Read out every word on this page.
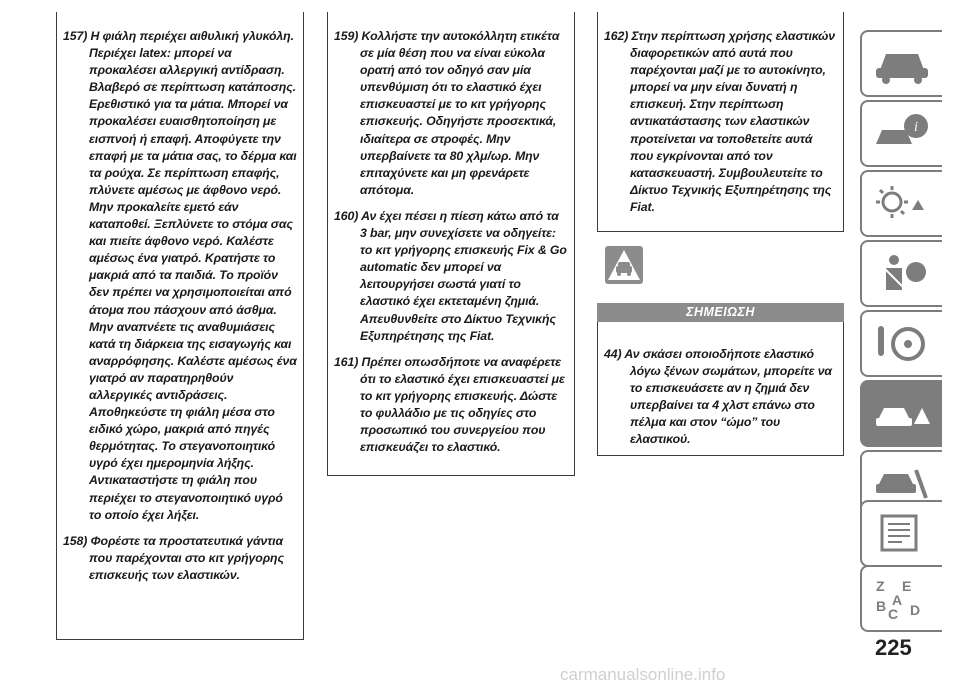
157) Η φιάλη περιέχει αιθυλική γλυκόλη. Περιέχει latex: μπορεί να προκαλέσει αλλεργική αντίδραση. Βλαβερό σε περίπτωση κατάποσης. Ερεθιστικό για τα μάτια. Μπορεί να προκαλέσει ευαισθητοποίηση με εισπνοή ή επαφή. Αποφύγετε την επαφή με τα μάτια σας, το δέρμα και τα ρούχα. Σε περίπτωση επαφής, πλύνετε αμέσως με άφθονο νερό. Μην προκαλείτε εμετό εάν καταποθεί. Ξεπλύνετε το στόμα σας και πιείτε άφθονο νερό. Καλέστε αμέσως ένα γιατρό. Κρατήστε το μακριά από τα παιδιά. Το προϊόν δεν πρέπει να χρησιμοποιείται από άτομα που πάσχουν από άσθμα. Μην αναπνέετε τις αναθυμιάσεις κατά τη διάρκεια της εισαγωγής και αναρρόφησης. Καλέστε αμέσως ένα γιατρό αν παρατηρηθούν αλλεργικές αντιδράσεις. Αποθηκεύστε τη φιάλη μέσα στο ειδικό χώρο, μακριά από πηγές θερμότητας. Το στεγανοποιητικό υγρό έχει ημερομηνία λήξης. Αντικαταστήστε τη φιάλη που περιέχει το στεγανοποιητικό υγρό το οποίο έχει λήξει.

158) Φορέστε τα προστατευτικά γάντια που παρέχονται στο κιτ γρήγορης επισκευής των ελαστικών.

159) Κολλήστε την αυτοκόλλητη ετικέτα σε μία θέση που να είναι εύκολα ορατή από τον οδηγό σαν μία υπενθύμιση ότι το ελαστικό έχει επισκευαστεί με το κιτ γρήγορης επισκευής. Οδηγήστε προσεκτικά, ιδιαίτερα σε στροφές. Μην υπερβαίνετε τα 80 χλμ/ωρ. Μην επιταχύνετε και μη φρενάρετε απότομα.

160) Αν έχει πέσει η πίεση κάτω από τα 3 bar, μην συνεχίσετε να οδηγείτε: το κιτ γρήγορης επισκευής Fix & Go automatic δεν μπορεί να λειτουργήσει σωστά γιατί το ελαστικό έχει εκτεταμένη ζημιά. Απευθυνθείτε στο Δίκτυο Τεχνικής Εξυπηρέτησης της Fiat.

161) Πρέπει οπωσδήποτε να αναφέρετε ότι το ελαστικό έχει επισκευαστεί με το κιτ γρήγορης επισκευής. Δώστε το φυλλάδιο με τις οδηγίες στο προσωπικό του συνεργείου που επισκευάζει το ελαστικό.

162) Στην περίπτωση χρήσης ελαστικών διαφορετικών από αυτά που παρέχονται μαζί με το αυτοκίνητο, μπορεί να μην είναι δυνατή η επισκευή. Στην περίπτωση αντικατάστασης των ελαστικών προτείνεται να τοποθετείτε αυτά που εγκρίνονται από τον κατασκευαστή. Συμβουλευτείτε το Δίκτυο Τεχνικής Εξυπηρέτησης της Fiat.

ΣΗΜΕΙΩΣΗ

44) Αν σκάσει οποιοδήποτε ελαστικό λόγω ξένων σωμάτων, μπορείτε να το επισκευάσετε αν η ζημιά δεν υπερβαίνει τα 4 χλστ επάνω στο πέλμα και στον “ώμο” του ελαστικού.

i
Z E
A
B C D
225
carmanualsonline.info
